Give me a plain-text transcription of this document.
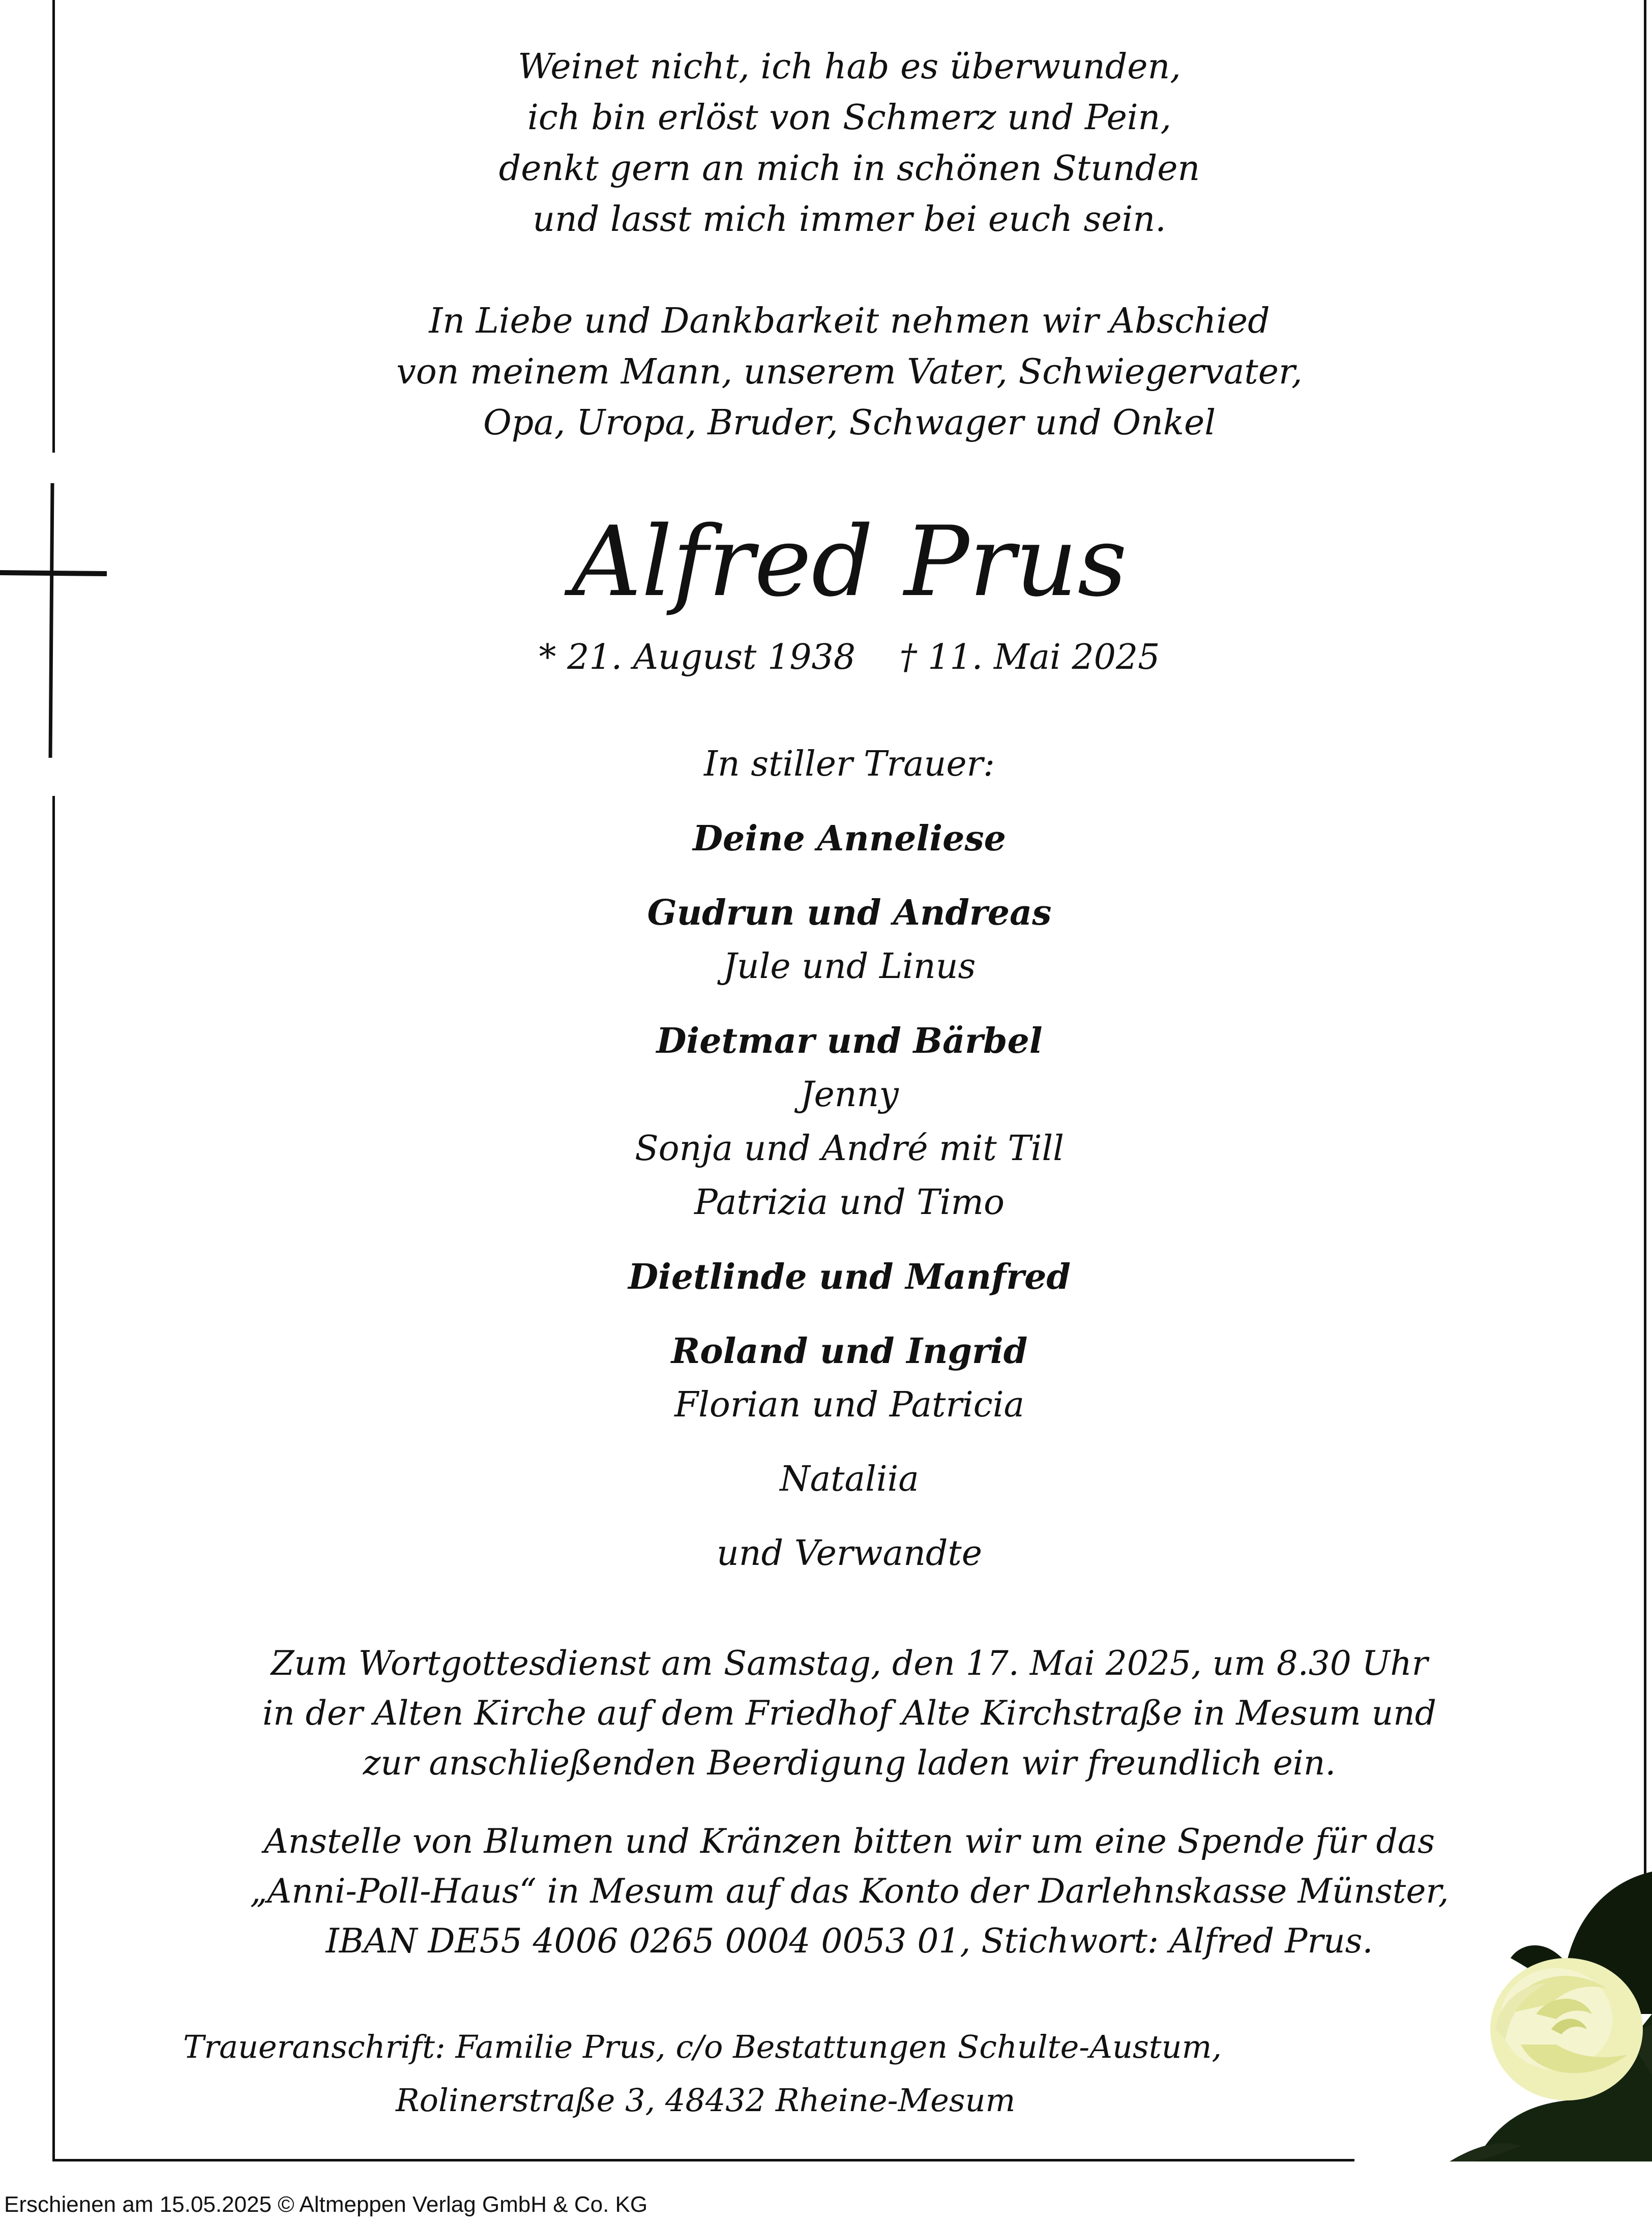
Weinet nicht, ich hab es überwunden,
ich bin erlöst von Schmerz und Pein,
denkt gern an mich in schönen Stunden
und lasst mich immer bei euch sein.
In Liebe und Dankbarkeit nehmen wir Abschied
von meinem Mann, unserem Vater, Schwiegervater,
Opa, Uropa, Bruder, Schwager und Onkel
Alfred Prus
* 21. August 1938    † 11. Mai 2025
In stiller Trauer:
Deine Anneliese
Gudrun und Andreas
Jule und Linus
Dietmar und Bärbel
Jenny
Sonja und André mit Till
Patrizia und Timo
Dietlinde und Manfred
Roland und Ingrid
Florian und Patricia
Nataliia
und Verwandte
Zum Wortgottesdienst am Samstag, den 17. Mai 2025, um 8.30 Uhr
in der Alten Kirche auf dem Friedhof Alte Kirchstraße in Mesum und
zur anschließenden Beerdigung laden wir freundlich ein.
Anstelle von Blumen und Kränzen bitten wir um eine Spende für das
„Anni-Poll-Haus“ in Mesum auf das Konto der Darlehnskasse Münster,
IBAN DE55 4006 0265 0004 0053 01, Stichwort: Alfred Prus.
Traueranschrift: Familie Prus, c/o Bestattungen Schulte-Austum,
Rolinerstraße 3, 48432 Rheine-Mesum
Erschienen am 15.05.2025 © Altmeppen Verlag GmbH & Co. KG
